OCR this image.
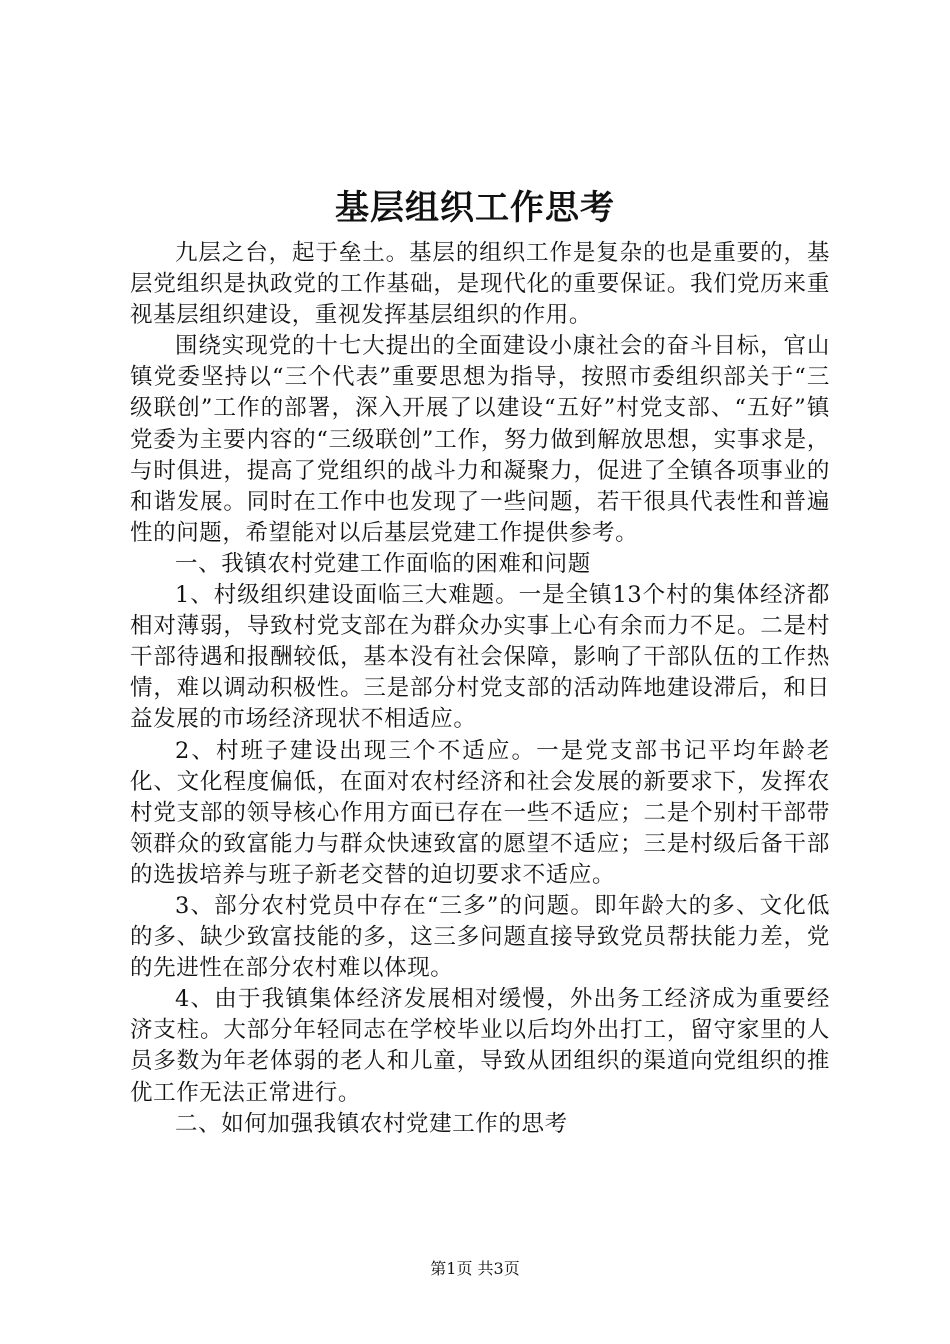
基层组织工作思考

九层之台，起于垒土。基层的组织工作是复杂的也是重要的，基层党组织是执政党的工作基础，是现代化的重要保证。我们党历来重视基层组织建设，重视发挥基层组织的作用。

围绕实现党的十七大提出的全面建设小康社会的奋斗目标，官山镇党委坚持以“三个代表”重要思想为指导，按照市委组织部关于“三级联创”工作的部署，深入开展了以建设“五好”村党支部、“五好”镇党委为主要内容的“三级联创”工作，努力做到解放思想，实事求是，与时俱进，提高了党组织的战斗力和凝聚力，促进了全镇各项事业的和谐发展。同时在工作中也发现了一些问题，若干很具代表性和普遍性的问题，希望能对以后基层党建工作提供参考。

一、我镇农村党建工作面临的困难和问题

1、村级组织建设面临三大难题。一是全镇13个村的集体经济都相对薄弱，导致村党支部在为群众办实事上心有余而力不足。二是村干部待遇和报酬较低，基本没有社会保障，影响了干部队伍的工作热情，难以调动积极性。三是部分村党支部的活动阵地建设滞后，和日益发展的市场经济现状不相适应。

2、村班子建设出现三个不适应。一是党支部书记平均年龄老化、文化程度偏低，在面对农村经济和社会发展的新要求下，发挥农村党支部的领导核心作用方面已存在一些不适应；二是个别村干部带领群众的致富能力与群众快速致富的愿望不适应；三是村级后备干部的选拔培养与班子新老交替的迫切要求不适应。

3、部分农村党员中存在“三多”的问题。即年龄大的多、文化低的多、缺少致富技能的多，这三多问题直接导致党员帮扶能力差，党的先进性在部分农村难以体现。

4、由于我镇集体经济发展相对缓慢，外出务工经济成为重要经济支柱。大部分年轻同志在学校毕业以后均外出打工，留守家里的人员多数为年老体弱的老人和儿童，导致从团组织的渠道向党组织的推优工作无法正常进行。

二、如何加强我镇农村党建工作的思考

第1页 共3页
